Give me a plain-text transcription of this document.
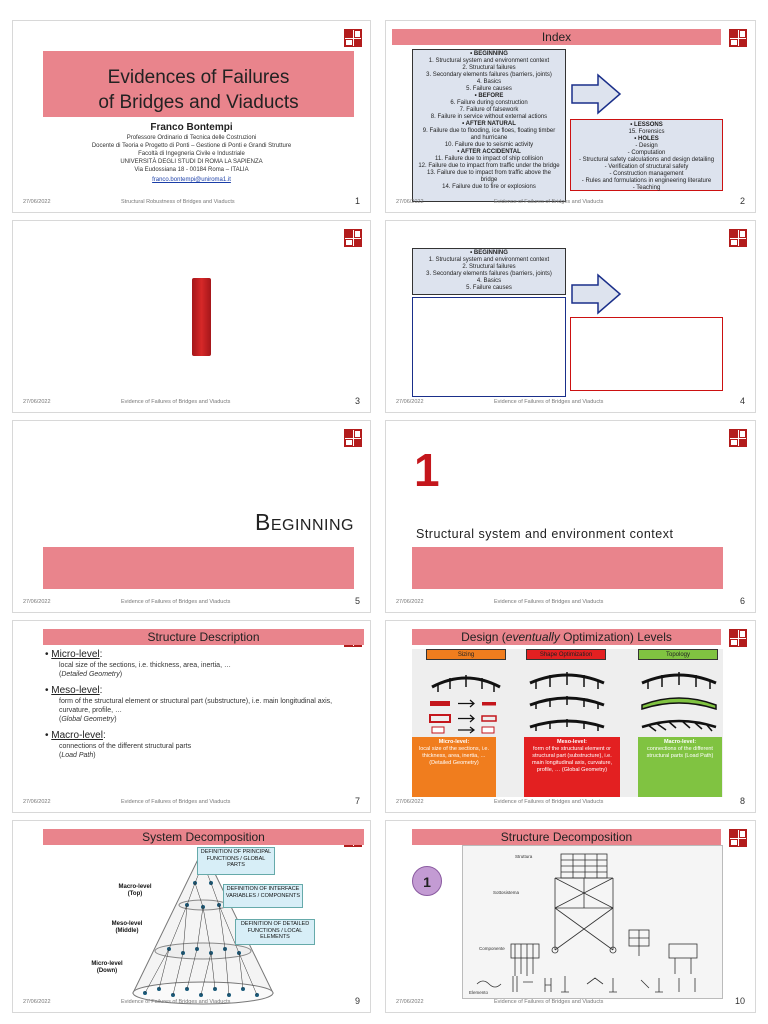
Evidences of Failures
of Bridges and Viaducts
Franco Bontempi
Professore Ordinario di Tecnica delle Costruzioni
Docente di Teoria e Progetto di Ponti – Gestione di Ponti e Grandi Strutture
Facoltà di Ingegneria Civile e Industriale
UNIVERSITÀ DEGLI STUDI DI ROMA LA SAPIENZA
Via Eudossiana 18 - 00184 Roma – ITALIA
franco.bontempi@uniroma1.it
27/06/2022	Structural Robustness of Bridges and Viaducts	1
Index
• BEGINNING
1. Structural system and environment context
2. Structural failures
3. Secondary elements failures (barriers, joints)
4. Basics
5. Failure causes
• BEFORE
6. Failure during construction
7. Failure of falsework
8. Failure in service without external actions
• AFTER NATURAL
9. Failure due to flooding, ice floes, floating timber
and hurricane
10. Failure due to seismic activity
• AFTER ACCIDENTAL
11. Failure due to impact of ship collision
12. Failure due to impact from traffic under the bridge
13. Failure due to impact from traffic above the
bridge
14. Failure due to fire or explosions
• LESSONS
15. Forensics
• HOLES
- Design
- Computation
- Structural safety calculations and design detailing
- Verification of structural safety
- Construction management
- Rules and formulations in engineering literature
- Teaching
27/06/2022	Evidence of Failures of Bridges and Viaducts	2
27/06/2022	Evidence of Failures of Bridges and Viaducts	3
• BEGINNING
1. Structural system and environment context
2. Structural failures
3. Secondary elements failures (barriers, joints)
4. Basics
5. Failure causes
27/06/2022	Evidence of Failures of Bridges and Viaducts	4
Beginning
27/06/2022	Evidence of Failures of Bridges and Viaducts	5
1
Structural system and environment context
27/06/2022	Evidence of Failures of Bridges and Viaducts	6
Structure Description
• Micro-level:
local size of the sections, i.e. thickness, area, inertia, …
(Detailed Geometry)
• Meso-level:
form of the structural element or structural part (substructure), i.e. main longitudinal axis, curvature, profile, …
(Global Geometry)
• Macro-level:
connections of the different structural parts
(Load Path)
27/06/2022	Evidence of Failures of Bridges and Viaducts	7
Design (eventually Optimization) Levels
Sizing	Shape Optimization	Topology
Micro-level:
local size of the sections, i.e. thickness, area, inertia, … (Detailed Geometry)
Meso-level:
form of the structural element or structural part (substructure), i.e. main longitudinal axis, curvature, profile, … (Global Geometry)
Macro-level:
connections of the different structural parts (Load Path)
27/06/2022	Evidence of Failures of Bridges and Viaducts	8
System Decomposition
Macro-level
(Top)
Meso-level
(Middle)
Micro-level
(Down)
DEFINITION OF PRINCIPAL FUNCTIONS / GLOBAL PARTS
DEFINITION OF INTERFACE VARIABLES / COMPONENTS
DEFINITION OF DETAILED FUNCTIONS / LOCAL ELEMENTS
27/06/2022	Evidence of Failures of Bridges and Viaducts	9
Structure Decomposition
1
Struttura
Sottosistema
Componente
Elemento
27/06/2022	Evidence of Failures of Bridges and Viaducts	10
